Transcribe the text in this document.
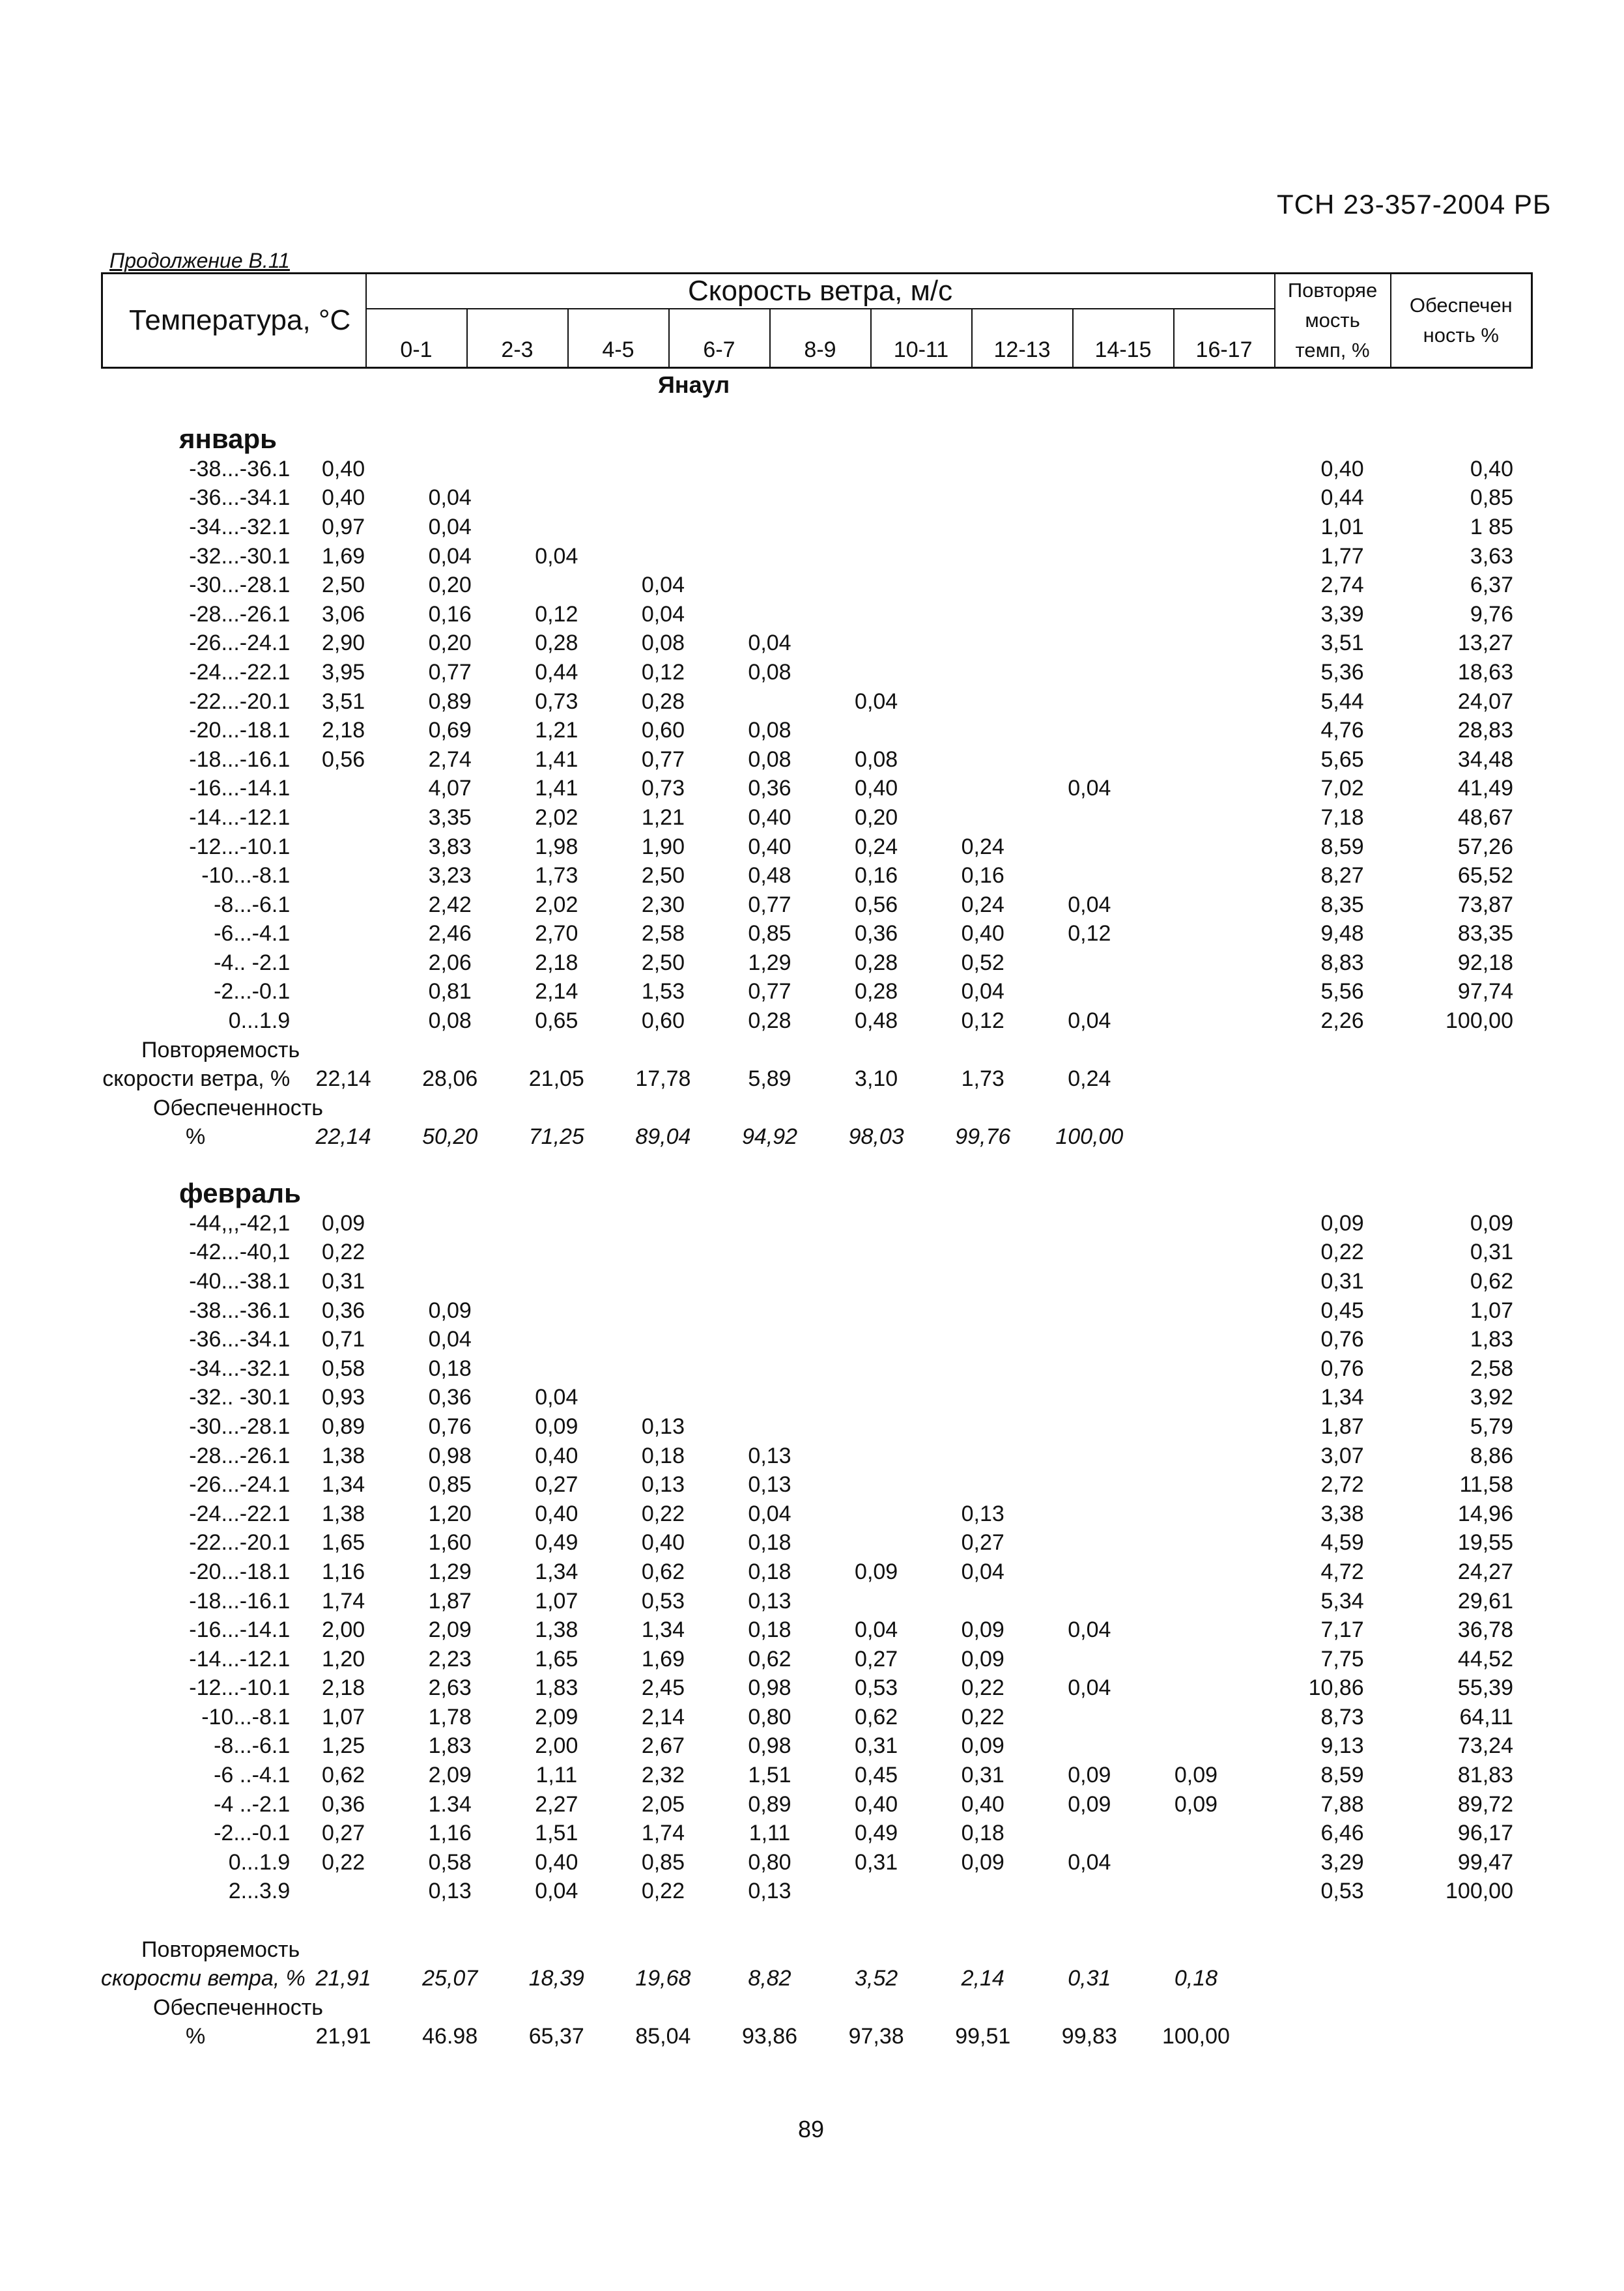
ТСН 23-357-2004 РБ
Продолжение В.11
Температура, °C	Скорость ветра, м/с									Повторяе
мость
темп, %	Обеспечен
ность %
	0-1	2-3	4-5	6-7	8-9	10-11	12-13	14-15	16-17		
Янаул
январь											
-38...-36.1	0,40									0,40	0,40
-36...-34.1	0,40	0,04								0,44	0,85
-34...-32.1	0,97	0,04								1,01	1 85
-32...-30.1	1,69	0,04	0,04							1,77	3,63
-30...-28.1	2,50	0,20		0,04						2,74	6,37
-28...-26.1	3,06	0,16	0,12	0,04						3,39	9,76
-26...-24.1	2,90	0,20	0,28	0,08	0,04					3,51	13,27
-24...-22.1	3,95	0,77	0,44	0,12	0,08					5,36	18,63
-22...-20.1	3,51	0,89	0,73	0,28		0,04				5,44	24,07
-20...-18.1	2,18	0,69	1,21	0,60	0,08					4,76	28,83
-18...-16.1	0,56	2,74	1,41	0,77	0,08	0,08				5,65	34,48
-16...-14.1		4,07	1,41	0,73	0,36	0,40		0,04		7,02	41,49
-14...-12.1		3,35	2,02	1,21	0,40	0,20				7,18	48,67
-12...-10.1		3,83	1,98	1,90	0,40	0,24	0,24			8,59	57,26
-10...-8.1		3,23	1,73	2,50	0,48	0,16	0,16			8,27	65,52
-8...-6.1		2,42	2,02	2,30	0,77	0,56	0,24	0,04		8,35	73,87
-6...-4.1		2,46	2,70	2,58	0,85	0,36	0,40	0,12		9,48	83,35
-4.. -2.1		2,06	2,18	2,50	1,29	0,28	0,52			8,83	92,18
-2...-0.1		0,81	2,14	1,53	0,77	0,28	0,04			5,56	97,74
0...1.9		0,08	0,65	0,60	0,28	0,48	0,12	0,04		2,26	100,00
Повторяемость											
скорости ветра, %	22,14	28,06	21,05	17,78	5,89	3,10	1,73	0,24			
Обеспеченность											
%	22,14	50,20	71,25	89,04	94,92	98,03	99,76	100,00			
февраль											
-44,,,-42,1	0,09									0,09	0,09
-42...-40,1	0,22									0,22	0,31
-40...-38.1	0,31									0,31	0,62
-38...-36.1	0,36	0,09								0,45	1,07
-36...-34.1	0,71	0,04								0,76	1,83
-34...-32.1	0,58	0,18								0,76	2,58
-32.. -30.1	0,93	0,36	0,04							1,34	3,92
-30...-28.1	0,89	0,76	0,09	0,13						1,87	5,79
-28...-26.1	1,38	0,98	0,40	0,18	0,13					3,07	8,86
-26...-24.1	1,34	0,85	0,27	0,13	0,13					2,72	11,58
-24...-22.1	1,38	1,20	0,40	0,22	0,04		0,13			3,38	14,96
-22...-20.1	1,65	1,60	0,49	0,40	0,18		0,27			4,59	19,55
-20...-18.1	1,16	1,29	1,34	0,62	0,18	0,09	0,04			4,72	24,27
-18...-16.1	1,74	1,87	1,07	0,53	0,13					5,34	29,61
-16...-14.1	2,00	2,09	1,38	1,34	0,18	0,04	0,09	0,04		7,17	36,78
-14...-12.1	1,20	2,23	1,65	1,69	0,62	0,27	0,09			7,75	44,52
-12...-10.1	2,18	2,63	1,83	2,45	0,98	0,53	0,22	0,04		10,86	55,39
-10...-8.1	1,07	1,78	2,09	2,14	0,80	0,62	0,22			8,73	64,11
-8...-6.1	1,25	1,83	2,00	2,67	0,98	0,31	0,09			9,13	73,24
-6 ..-4.1	0,62	2,09	1,11	2,32	1,51	0,45	0,31	0,09	0,09	8,59	81,83
-4 ..-2.1	0,36	1.34	2,27	2,05	0,89	0,40	0,40	0,09	0,09	7,88	89,72
-2...-0.1	0,27	1,16	1,51	1,74	1,11	0,49	0,18			6,46	96,17
0...1.9	0,22	0,58	0,40	0,85	0,80	0,31	0,09	0,04		3,29	99,47
2...3.9		0,13	0,04	0,22	0,13					0,53	100,00

Повторяемость											
скорости ветра, %	21,91	25,07	18,39	19,68	8,82	3,52	2,14	0,31	0,18		
Обеспеченность											
%	21,91	46.98	65,37	85,04	93,86	97,38	99,51	99,83	100,00		
89
